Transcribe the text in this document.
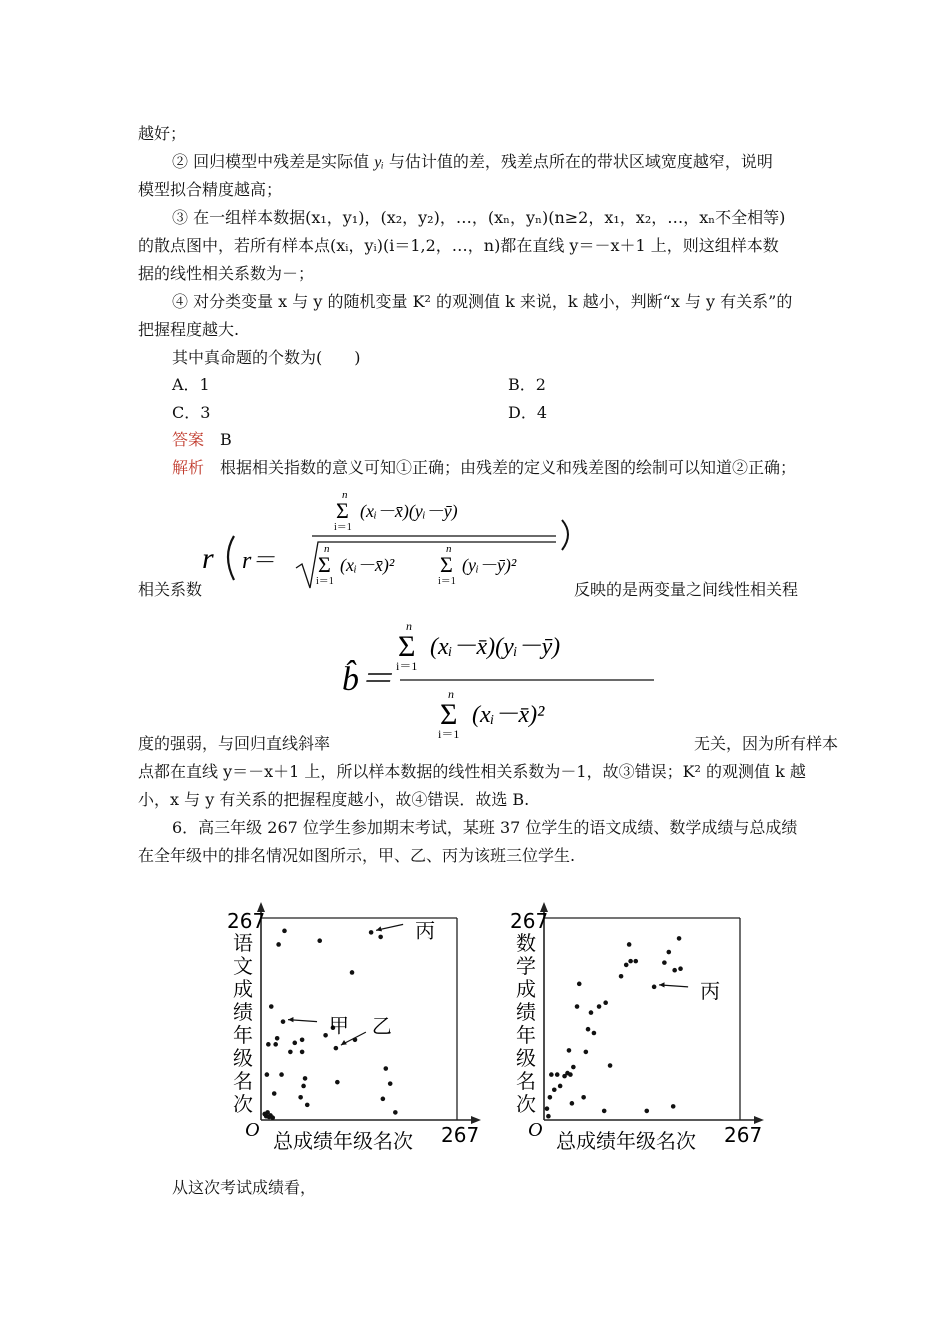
越好；
② 回归模型中残差是实际值 yᵢ 与估计值的差，残差点所在的带状区域宽度越窄，说明
模型拟合精度越高；
③ 在一组样本数据(x₁，y₁)，(x₂，y₂)，…，(xₙ，yₙ)(n≥2，x₁，x₂，…，xₙ不全相等)
的散点图中，若所有样本点(xᵢ，yᵢ)(i＝1,2，…，n)都在直线 y＝－x＋1 上，则这组样本数
据的线性相关系数为－；
④ 对分类变量 x 与 y 的随机变量 K² 的观测值 k 来说，k 越小，判断“x 与 y 有关系”的
把握程度越大.
其中真命题的个数为(　　)
A．1	B．2
C．3	D．4
答案　 B
解析　 根据相关指数的意义可知①正确；由残差的定义和残差图的绘制可以知道②正确；
相关系数
r r＝
n
Σ
i＝1
(xᵢ－x̄)(yᵢ－ȳ)
n
Σ
i＝1
(xᵢ－x̄)²
n
Σ
i＝1
(yᵢ－ȳ)²
反映的是两变量之间线性相关程
b̂＝
n
Σ
i＝1
(xᵢ－x̄)(yᵢ－ȳ)
n
Σ
i＝1
(xᵢ－x̄)²
度的强弱，与回归直线斜率	无关，因为所有样本
点都在直线 y＝－x＋1 上，所以样本数据的线性相关系数为－1，故③错误；K² 的观测值 k 越
小，x 与 y 有关系的把握程度越小，故④错误．故选 B.
6．高三年级 267 位学生参加期末考试，某班 37 位学生的语文成绩、数学成绩与总成绩
在全年级中的排名情况如图所示，甲、乙、丙为该班三位学生.
267
O	267
总成绩年级名次
语文成绩年级名次
丙
甲 乙
267
O	267
总成绩年级名次
数学成绩年级名次
丙
从这次考试成绩看，
